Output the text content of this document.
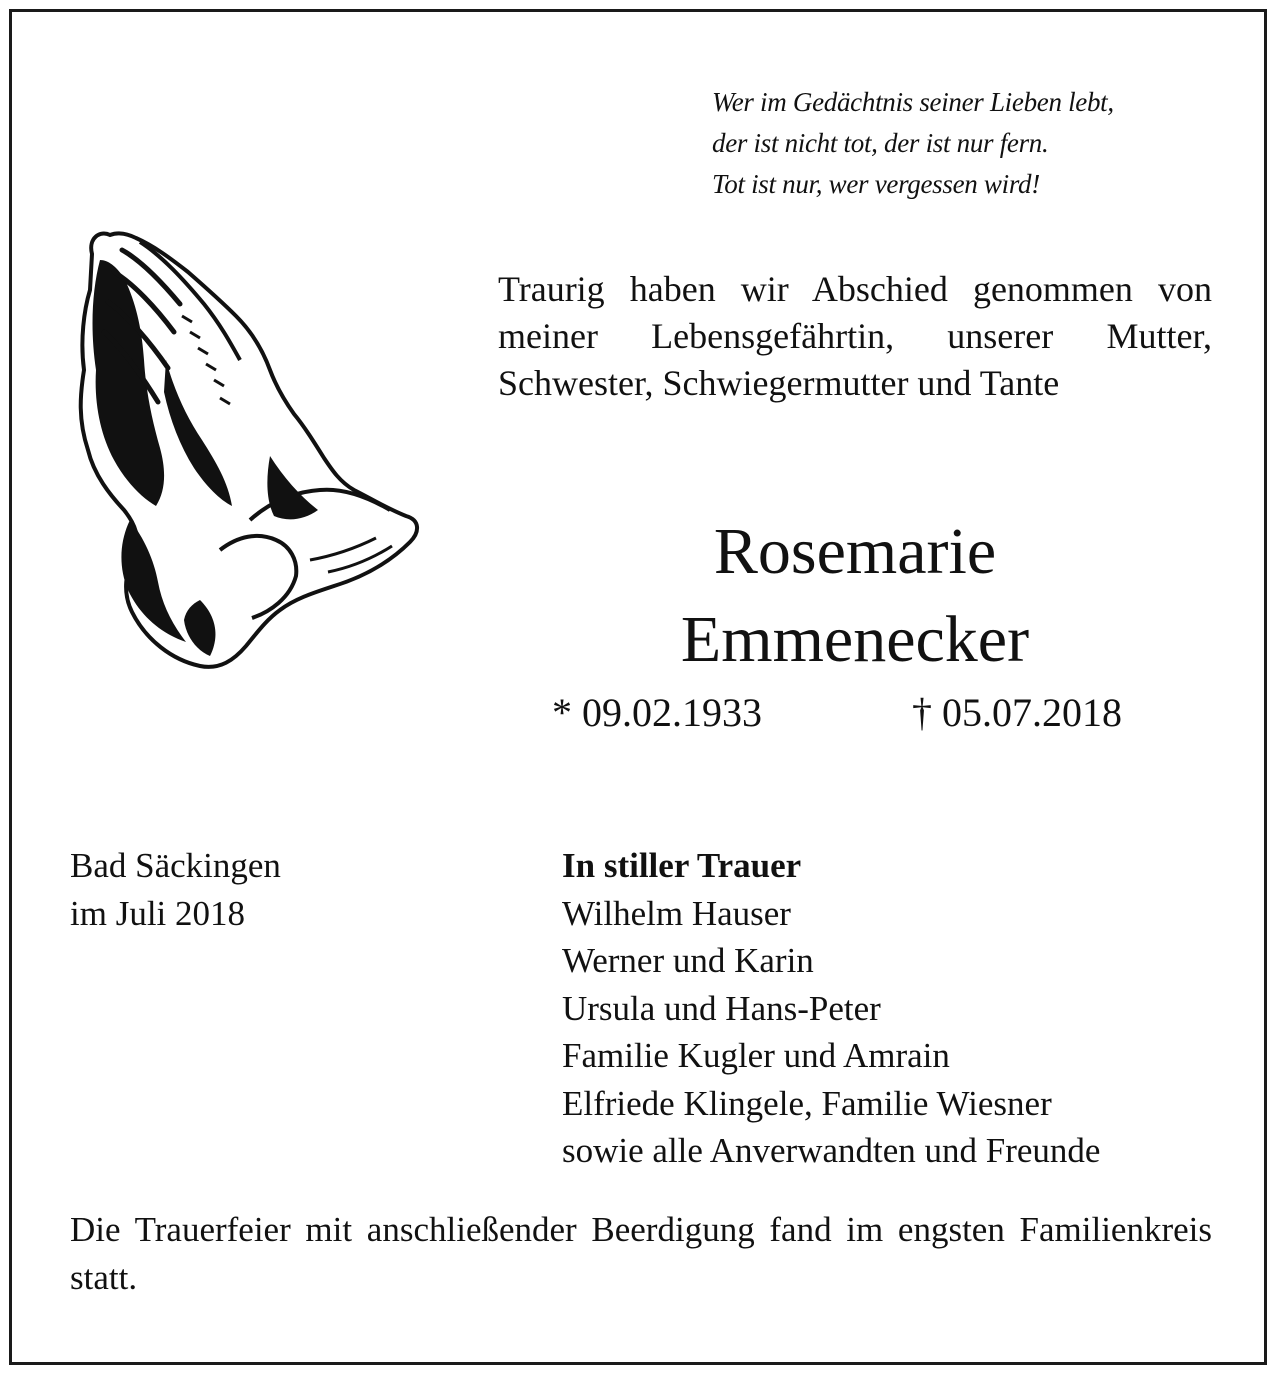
Wer im Gedächtnis seiner Lieben lebt,
der ist nicht tot, der ist nur fern.
Tot ist nur, wer vergessen wird!
Traurig haben wir Abschied genommen von meiner Lebensgefährtin, unserer Mutter, Schwester, Schwiegermutter und Tante
Rosemarie
Emmenecker
* 09.02.1933	† 05.07.2018
Bad Säckingen
im Juli 2018
In stiller Trauer
Wilhelm Hauser
Werner und Karin
Ursula und Hans-Peter
Familie Kugler und Amrain
Elfriede Klingele, Familie Wiesner
sowie alle Anverwandten und Freunde
Die Trauerfeier mit anschließender Beerdigung fand im engsten Familienkreis statt.
